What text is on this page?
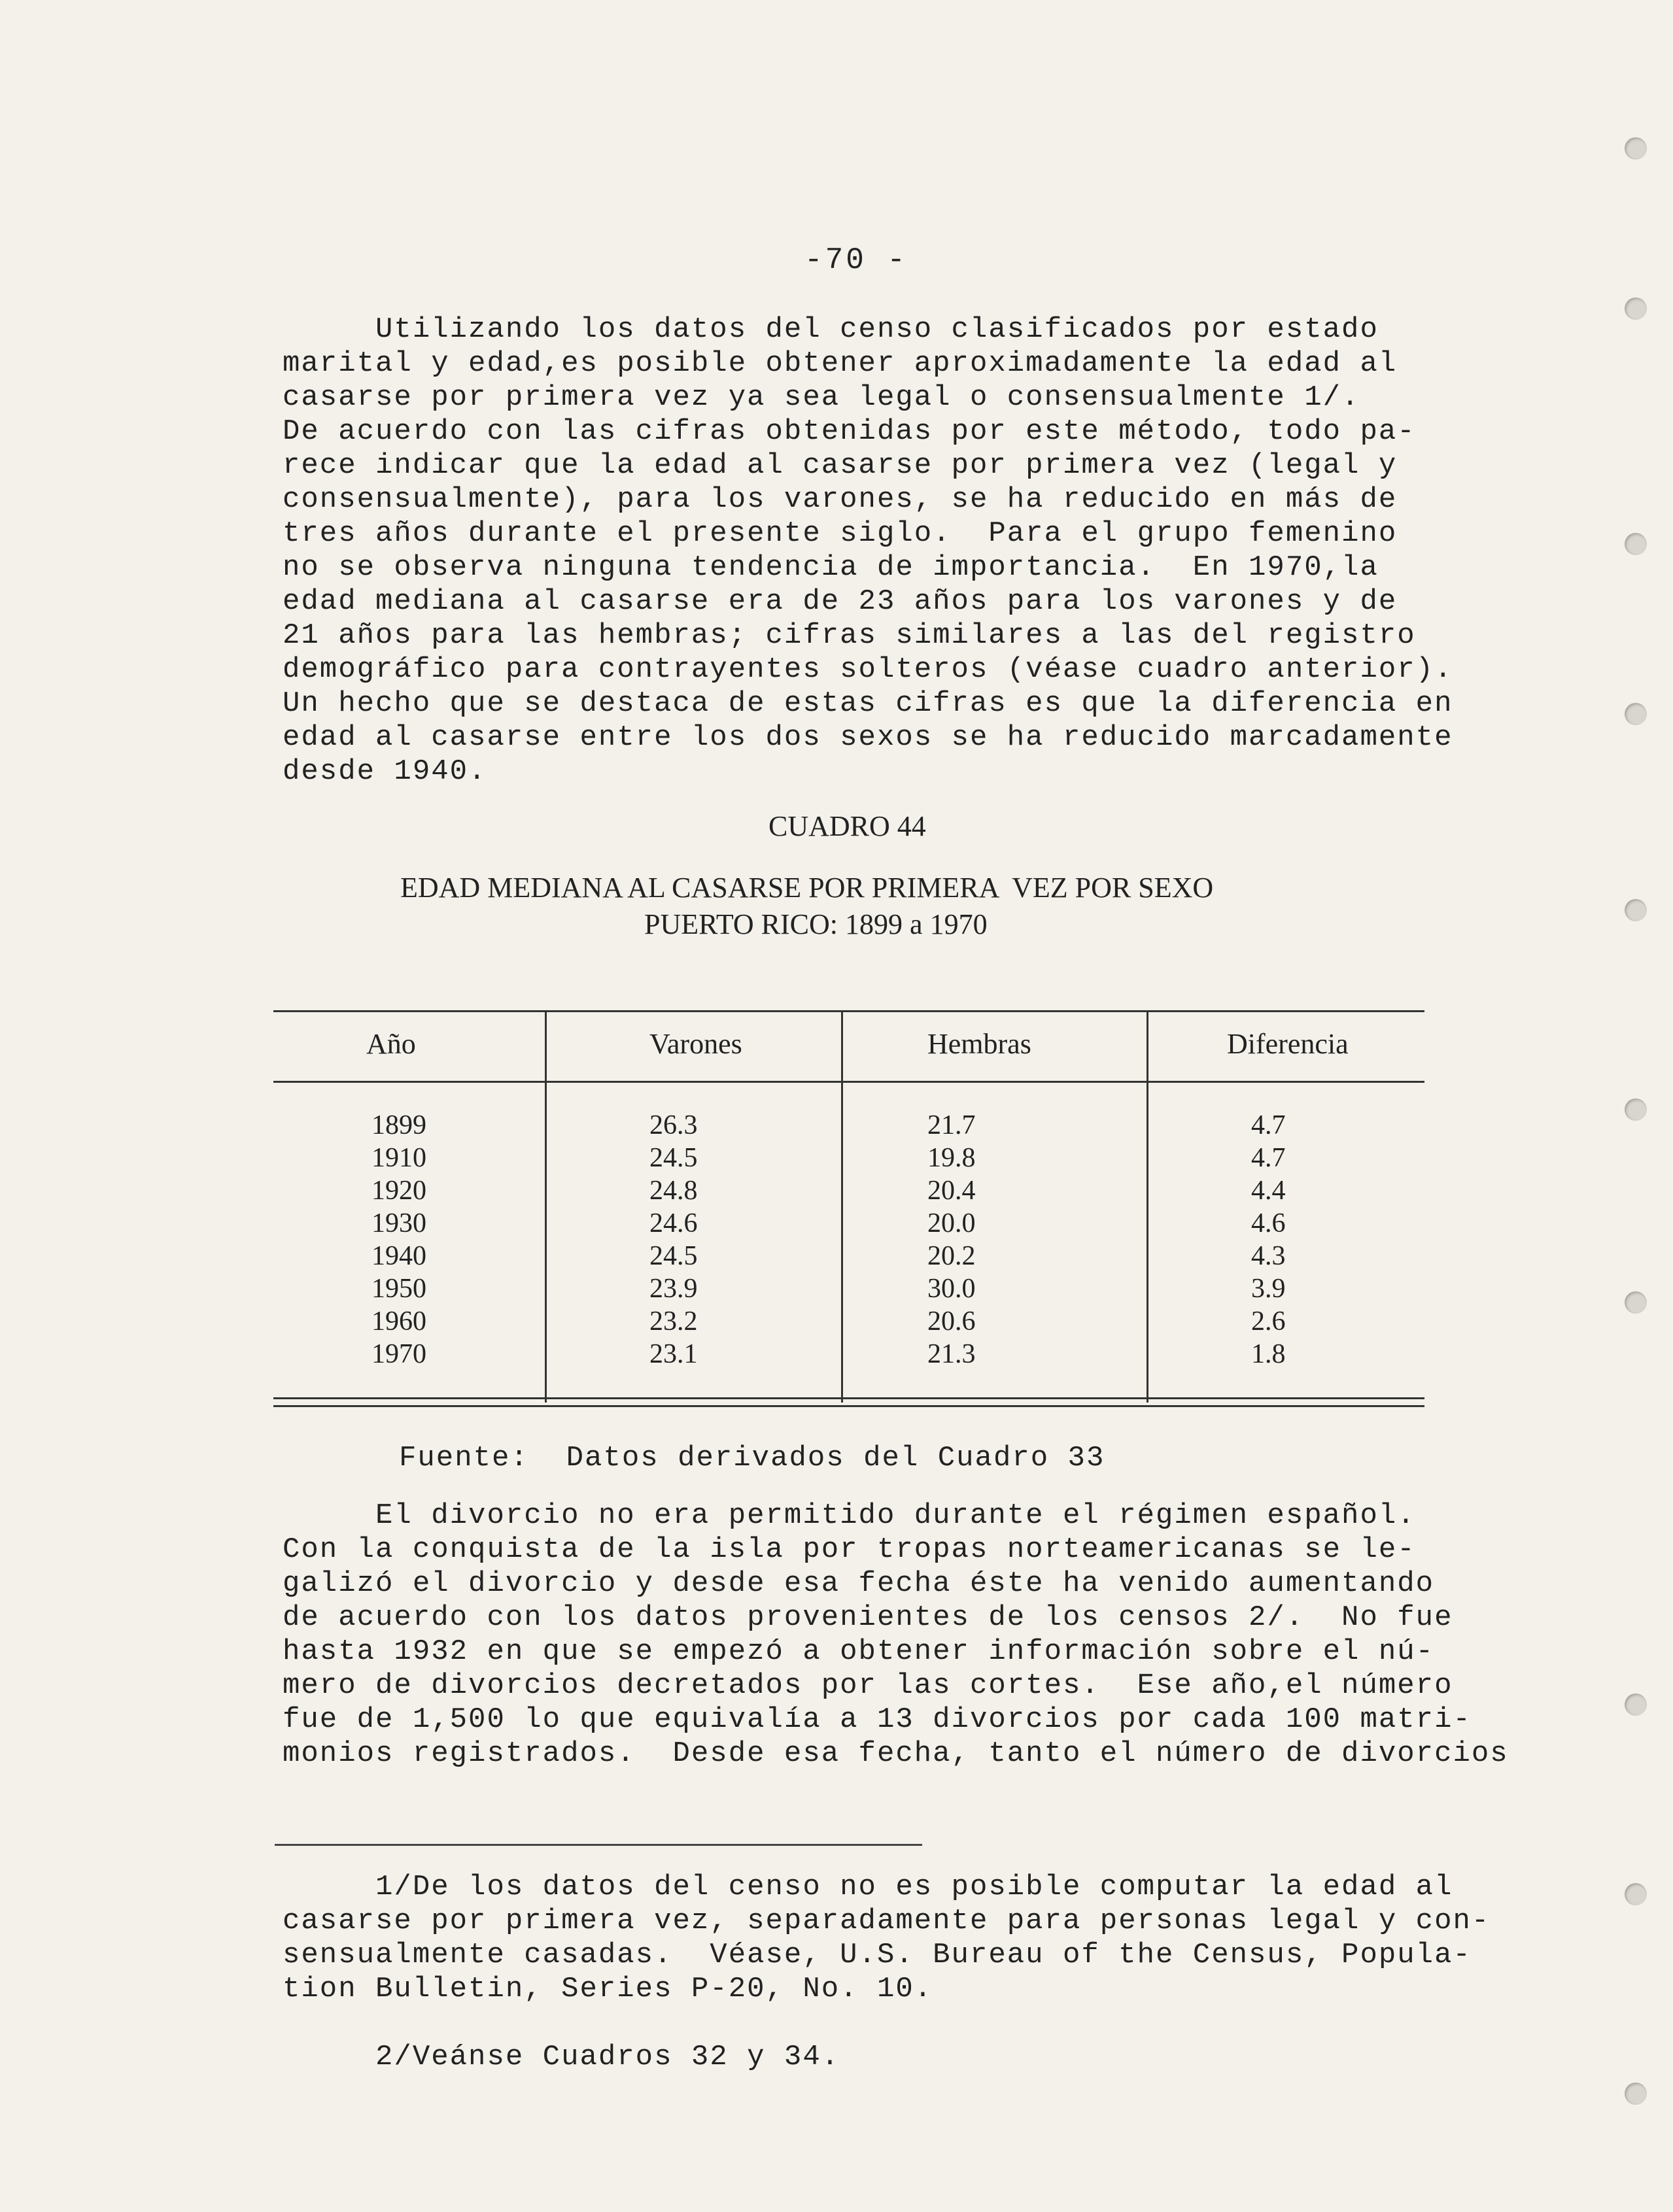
-70 -
Utilizando los datos del censo clasificados por estado
marital y edad,es posible obtener aproximadamente la edad al
casarse por primera vez ya sea legal o consensualmente 1/.
De acuerdo con las cifras obtenidas por este método, todo pa-
rece indicar que la edad al casarse por primera vez (legal y
consensualmente), para los varones, se ha reducido en más de
tres años durante el presente siglo.  Para el grupo femenino
no se observa ninguna tendencia de importancia.  En 1970,la
edad mediana al casarse era de 23 años para los varones y de
21 años para las hembras; cifras similares a las del registro
demográfico para contrayentes solteros (véase cuadro anterior).
Un hecho que se destaca de estas cifras es que la diferencia en
edad al casarse entre los dos sexos se ha reducido marcadamente
desde 1940.
CUADRO 44
EDAD MEDIANA AL CASARSE POR PRIMERA  VEZ POR SEXO
PUERTO RICO: 1899 a 1970
Año	Varones	Hembras	Diferencia
1899	26.3	21.7	4.7
1910	24.5	19.8	4.7
1920	24.8	20.4	4.4
1930	24.6	20.0	4.6
1940	24.5	20.2	4.3
1950	23.9	30.0	3.9
1960	23.2	20.6	2.6
1970	23.1	21.3	1.8
Fuente:  Datos derivados del Cuadro 33
El divorcio no era permitido durante el régimen español.
Con la conquista de la isla por tropas norteamericanas se le-
galizó el divorcio y desde esa fecha éste ha venido aumentando
de acuerdo con los datos provenientes de los censos 2/.  No fue
hasta 1932 en que se empezó a obtener información sobre el nú-
mero de divorcios decretados por las cortes.  Ese año,el número
fue de 1,500 lo que equivalía a 13 divorcios por cada 100 matri-
monios registrados.  Desde esa fecha, tanto el número de divorcios
1/De los datos del censo no es posible computar la edad al
casarse por primera vez, separadamente para personas legal y con-
sensualmente casadas.  Véase, U.S. Bureau of the Census, Popula-
tion Bulletin, Series P-20, No. 10.
2/Veánse Cuadros 32 y 34.
